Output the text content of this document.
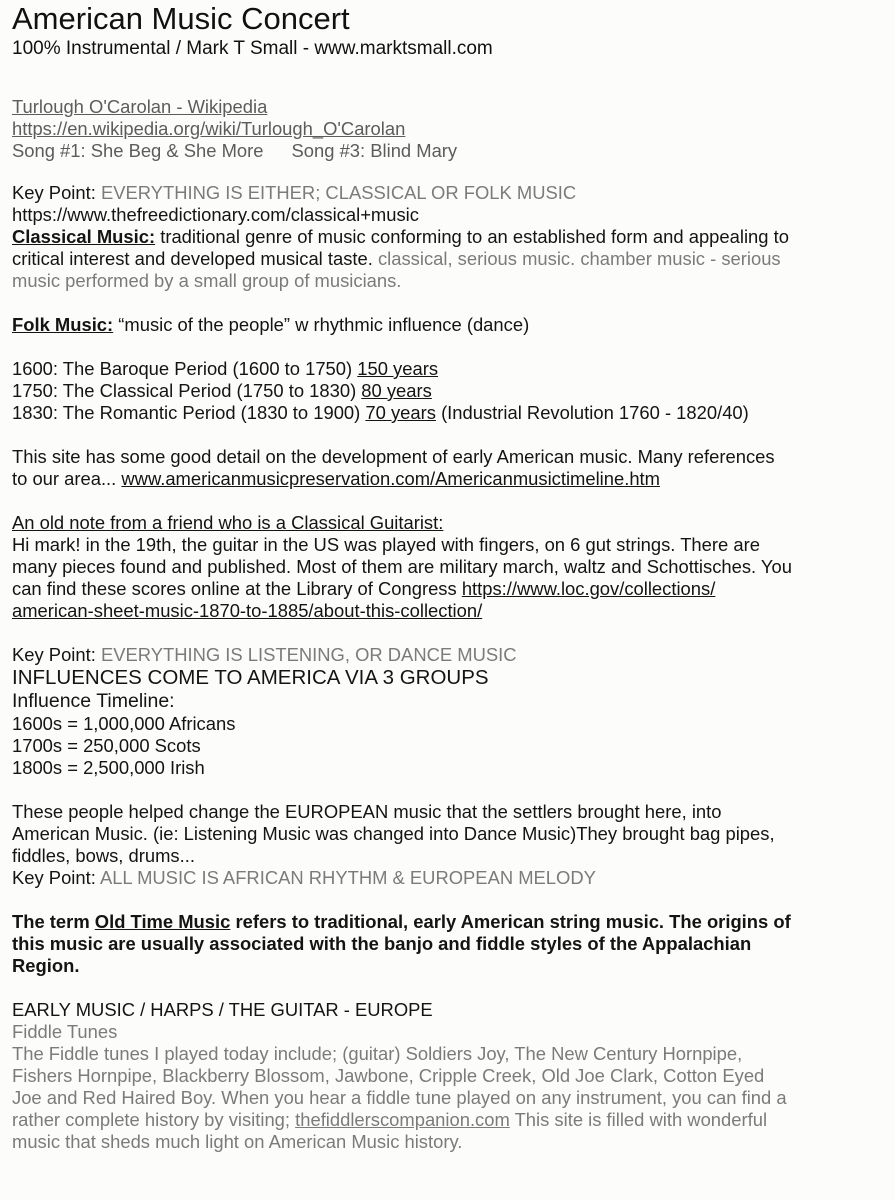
American Music Concert
100% Instrumental / Mark T Small - www.marktsmall.com
Turlough O'Carolan - Wikipedia
https://en.wikipedia.org/wiki/Turlough_O'Carolan
Song #1: She Beg & She More Song #3: Blind Mary
Key Point: EVERYTHING IS EITHER; CLASSICAL OR FOLK MUSIC
https://www.thefreedictionary.com/classical+music
Classical Music: traditional genre of music conforming to an established form and appealing to
critical interest and developed musical taste. classical, serious music. chamber music - serious
music performed by a small group of musicians.
Folk Music: “music of the people” w rhythmic influence (dance)
1600: The Baroque Period (1600 to 1750) 150 years
1750: The Classical Period (1750 to 1830) 80 years
1830: The Romantic Period (1830 to 1900) 70 years (Industrial Revolution 1760 - 1820/40)
This site has some good detail on the development of early American music. Many references
to our area... www.americanmusicpreservation.com/Americanmusictimeline.htm
An old note from a friend who is a Classical Guitarist:
Hi mark! in the 19th, the guitar in the US was played with fingers, on 6 gut strings. There are
many pieces found and published. Most of them are military march, waltz and Schottisches. You
can find these scores online at the Library of Congress https://www.loc.gov/collections/
american-sheet-music-1870-to-1885/about-this-collection/
Key Point: EVERYTHING IS LISTENING, OR DANCE MUSIC
INFLUENCES COME TO AMERICA VIA 3 GROUPS
Influence Timeline:
1600s = 1,000,000 Africans
1700s = 250,000 Scots
1800s = 2,500,000 Irish
These people helped change the EUROPEAN music that the settlers brought here, into
American Music. (ie: Listening Music was changed into Dance Music)They brought bag pipes,
fiddles, bows, drums...
Key Point: ALL MUSIC IS AFRICAN RHYTHM & EUROPEAN MELODY
The term Old Time Music refers to traditional, early American string music. The origins of
this music are usually associated with the banjo and fiddle styles of the Appalachian
Region.
EARLY MUSIC / HARPS / THE GUITAR - EUROPE
Fiddle Tunes
The Fiddle tunes I played today include; (guitar) Soldiers Joy, The New Century Hornpipe,
Fishers Hornpipe, Blackberry Blossom, Jawbone, Cripple Creek, Old Joe Clark, Cotton Eyed
Joe and Red Haired Boy. When you hear a fiddle tune played on any instrument, you can find a
rather complete history by visiting; thefiddlerscompanion.com This site is filled with wonderful
music that sheds much light on American Music history.
